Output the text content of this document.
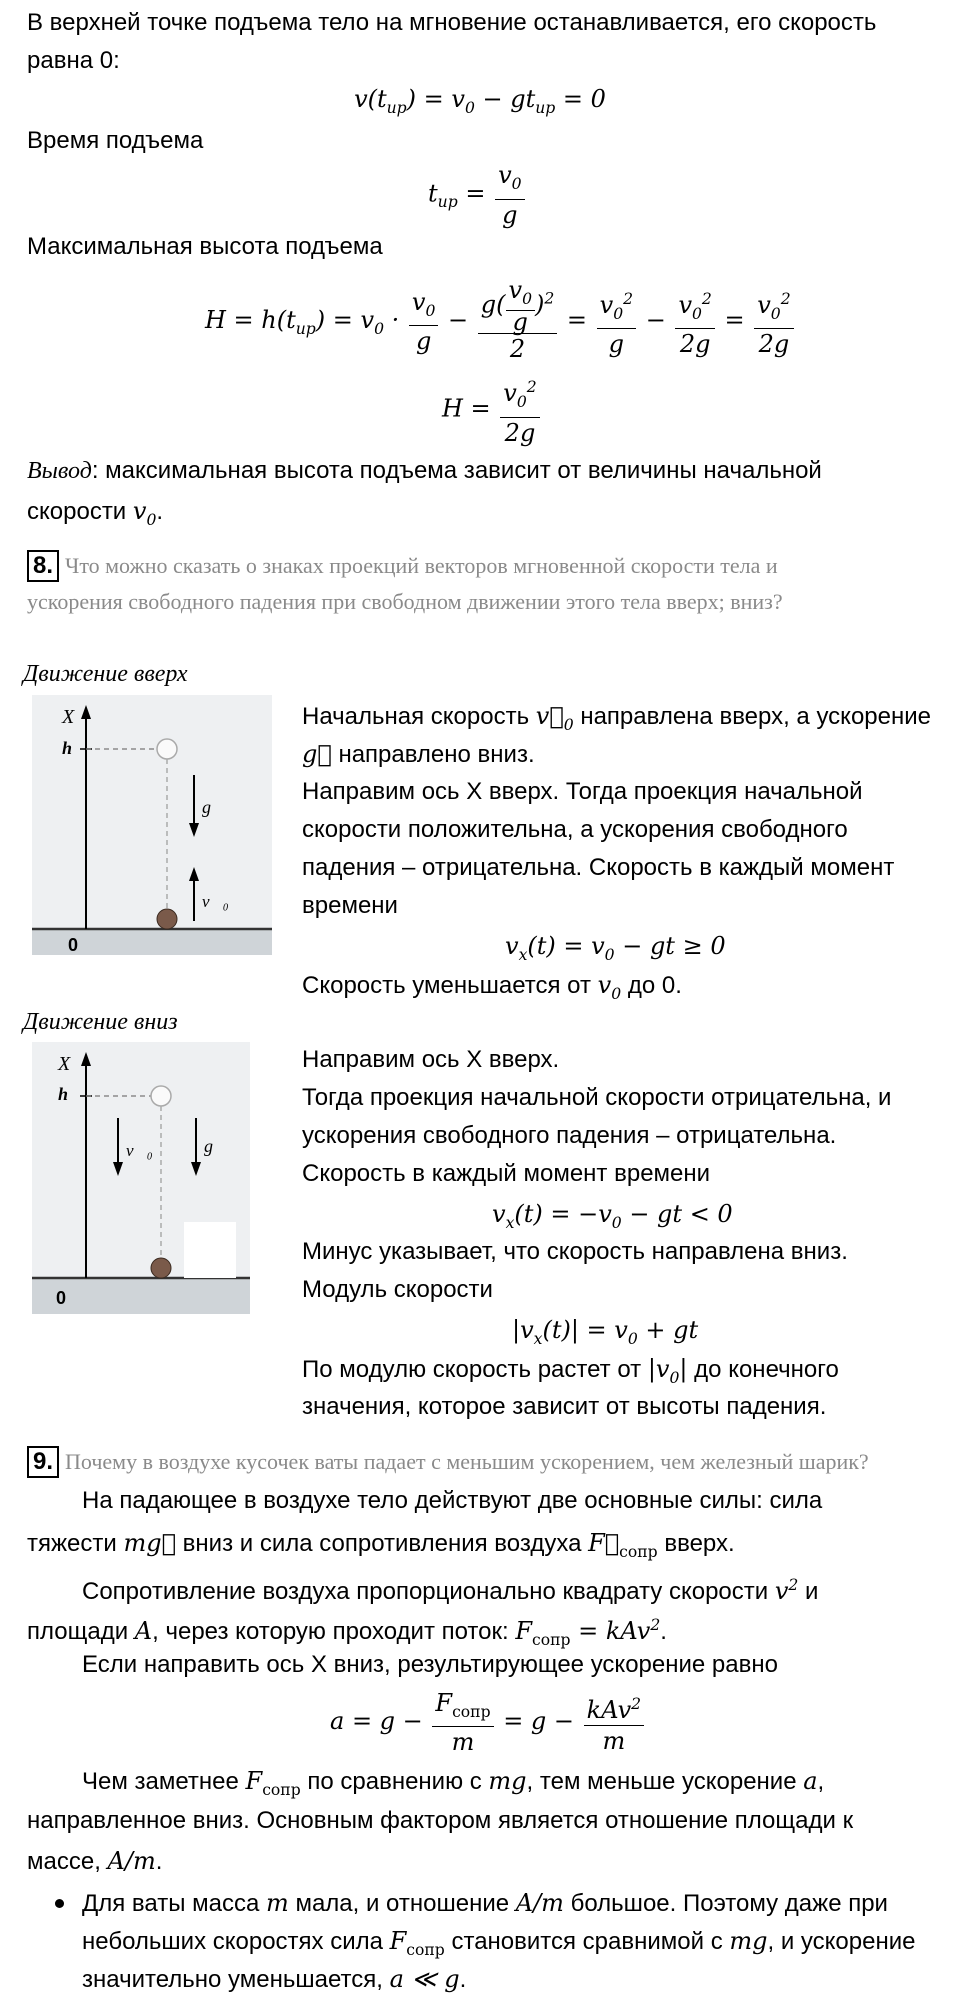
В верхней точке подъема тело на мгновение останавливается, его скорость

равна 0:

$v(t_{up}) = v_0 - gt_{up} = 0$

Время подъема

$t_{up} = \frac{v_0}{g}$

Максимальная высота подъема

$H = h(t_{up}) = v_0 \cdot \frac{v_0}{g} - \frac{g( \frac{v_0}{g} )^2}{2} = \frac{v_0^2}{g} - \frac{v_0^2}{2g} = \frac{v_0^2}{2g}$
$H = \frac{v_0^2}{2g}$

Вывод: максимальная высота подъема зависит от величины начальной

скорости $v_0$.

8. Что можно сказать о знаках проекций векторов мгновенной скорости тела и
ускорения свободного падения при свободном движении этого тела вверх; вниз?

Движение вверх

X
h
g⃗
v⃗₀
0

Начальная скорость $v⃗_0$ направлена вверх, а ускорение

g⃗ направлено вниз.

Направим ось X вверх. Тогда проекция начальной

скорости положительна, а ускорения свободного

падения – отрицательна. Скорость в каждый момент

времени

$v_x(t) = v_0$ − gt ≥ 0

Скорость уменьшается от $v_0$ до 0.

Движение вниз

X
h
v⃗₀	g⃗
0

Направим ось X вверх.

Тогда проекция начальной скорости отрицательна, и

ускорения свободного падения – отрицательна.

Скорость в каждый момент времени

$v_x(t) = -v_0$ − gt < 0

Минус указывает, что скорость направлена вниз.

Модуль скорости

$|v_x(t)| = v_0$ + gt

По модулю скорость растет от $|v_0|$ до конечного

значения, которое зависит от высоты падения.

9. Почему в воздухе кусочек ваты падает с меньшим ускорением, чем железный шарик?

На падающее в воздухе тело действуют две основные силы: сила

тяжести mg⃗ вниз и сила сопротивления воздуха $F⃗_{сопр}$ вверх.

Сопротивление воздуха пропорционально квадрату скорости $v^2$ и

площади A, через которую проходит поток: $F_{сопр} = kAv^2$.

Если направить ось X вниз, результирующее ускорение равно

$a = g - \frac{F_{сопр}}{m} = g - \frac{kAv^2}{m}$

Чем заметнее $F_{сопр}$ по сравнению с mg, тем меньше ускорение a,

направленное вниз. Основным фактором является отношение площади к

массе, A/m.

Для ваты масса m мала, и отношение A/m большое. Поэтому даже при

небольших скоростях сила $F_{сопр}$ становится сравнимой с mg, и ускорение

значительно уменьшается, a ≪ g.
